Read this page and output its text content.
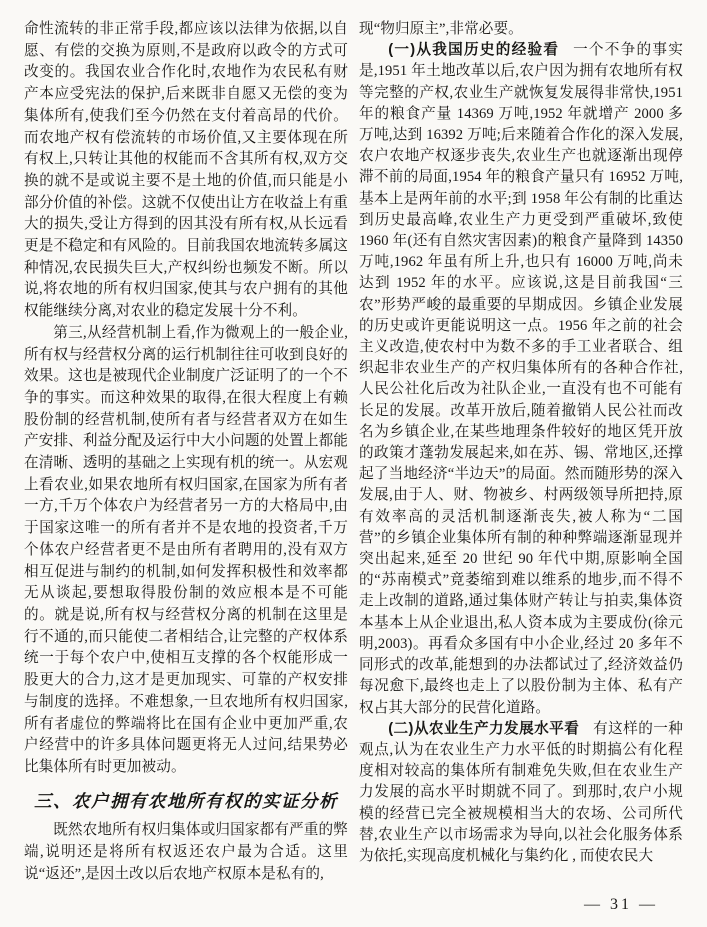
命性流转的非正常手段,都应该以法律为依据,以自愿、有偿的交换为原则,不是政府以政令的方式可改变的。我国农业合作化时,农地作为农民私有财产本应受宪法的保护,后来既非自愿又无偿的变为集体所有,使我们至今仍然在支付着高昂的代价。而农地产权有偿流转的市场价值,又主要体现在所有权上,只转让其他的权能而不含其所有权,双方交换的就不是或说主要不是土地的价值,而只能是小部分价值的补偿。这就不仅使出让方在收益上有重大的损失,受让方得到的因其没有所有权,从长远看更是不稳定和有风险的。目前我国农地流转多属这种情况,农民损失巨大,产权纠纷也频发不断。所以说,将农地的所有权归国家,使其与农户拥有的其他权能继续分离,对农业的稳定发展十分不利。

第三,从经营机制上看,作为微观上的一般企业,所有权与经营权分离的运行机制往往可收到良好的效果。这也是被现代企业制度广泛证明了的一个不争的事实。而这种效果的取得,在很大程度上有赖股份制的经营机制,使所有者与经营者双方在如生产安排、利益分配及运行中大小问题的处置上都能在清晰、透明的基础之上实现有机的统一。从宏观上看农业,如果农地所有权归国家,在国家为所有者一方,千万个体农户为经营者另一方的大格局中,由于国家这唯一的所有者并不是农地的投资者,千万个体农户经营者更不是由所有者聘用的,没有双方相互促进与制约的机制,如何发挥积极性和效率都无从谈起,要想取得股份制的效应根本是不可能的。就是说,所有权与经营权分离的机制在这里是行不通的,而只能使二者相结合,让完整的产权体系统一于每个农户中,使相互支撑的各个权能形成一股更大的合力,这才是更加现实、可靠的产权安排与制度的选择。不难想象,一旦农地所有权归国家,所有者虚位的弊端将比在国有企业中更加严重,农户经营中的许多具体问题更将无人过问,结果势必比集体所有时更加被动。

三、农户拥有农地所有权的实证分析

既然农地所有权归集体或归国家都有严重的弊端,说明还是将所有权返还农户最为合适。这里说“返还”,是因土改以后农地产权原本是私有的,

现“物归原主”,非常必要。

(一)从我国历史的经验看 一个不争的事实是,1951 年土地改革以后,农户因为拥有农地所有权等完整的产权,农业生产就恢复发展得非常快,1951 年的粮食产量 14369 万吨,1952 年就增产 2000 多万吨,达到 16392 万吨;后来随着合作化的深入发展,农户农地产权逐步丧失,农业生产也就逐渐出现停滞不前的局面,1954 年的粮食产量只有 16952 万吨,基本上是两年前的水平;到 1958 年公有制的比重达到历史最高峰,农业生产力更受到严重破坏,致使 1960 年(还有自然灾害因素)的粮食产量降到 14350 万吨,1962 年虽有所上升,也只有 16000 万吨,尚未达到 1952 年的水平。应该说,这是目前我国“三农”形势严峻的最重要的早期成因。乡镇企业发展的历史或许更能说明这一点。1956 年之前的社会主义改造,使农村中为数不多的手工业者联合、组织起非农业生产的产权归集体所有的各种合作社,人民公社化后改为社队企业,一直没有也不可能有长足的发展。改革开放后,随着撤销人民公社而改名为乡镇企业,在某些地理条件较好的地区凭开放的政策才蓬勃发展起来,如在苏、锡、常地区,还撑起了当地经济“半边天”的局面。然而随形势的深入发展,由于人、财、物被乡、村两级领导所把持,原有效率高的灵活机制逐渐丧失,被人称为“二国营”的乡镇企业集体所有制的种种弊端逐渐显现并突出起来,延至 20 世纪 90 年代中期,原影响全国的“苏南模式”竟萎缩到难以维系的地步,而不得不走上改制的道路,通过集体财产转让与拍卖,集体资本基本上从企业退出,私人资本成为主要成份(徐元明,2003)。再看众多国有中小企业,经过 20 多年不同形式的改革,能想到的办法都试过了,经济效益仍每况愈下,最终也走上了以股份制为主体、私有产权占其大部分的民营化道路。

(二)从农业生产力发展水平看 有这样的一种观点,认为在农业生产力水平低的时期搞公有化程度相对较高的集体所有制难免失败,但在农业生产力发展的高水平时期就不同了。到那时,农户小规模的经营已完全被规模相当大的农场、公司所代替,农业生产以市场需求为导向,以社会化服务体系为依托,实现高度机械化与集约化 , 而使农民大

— 31 —
